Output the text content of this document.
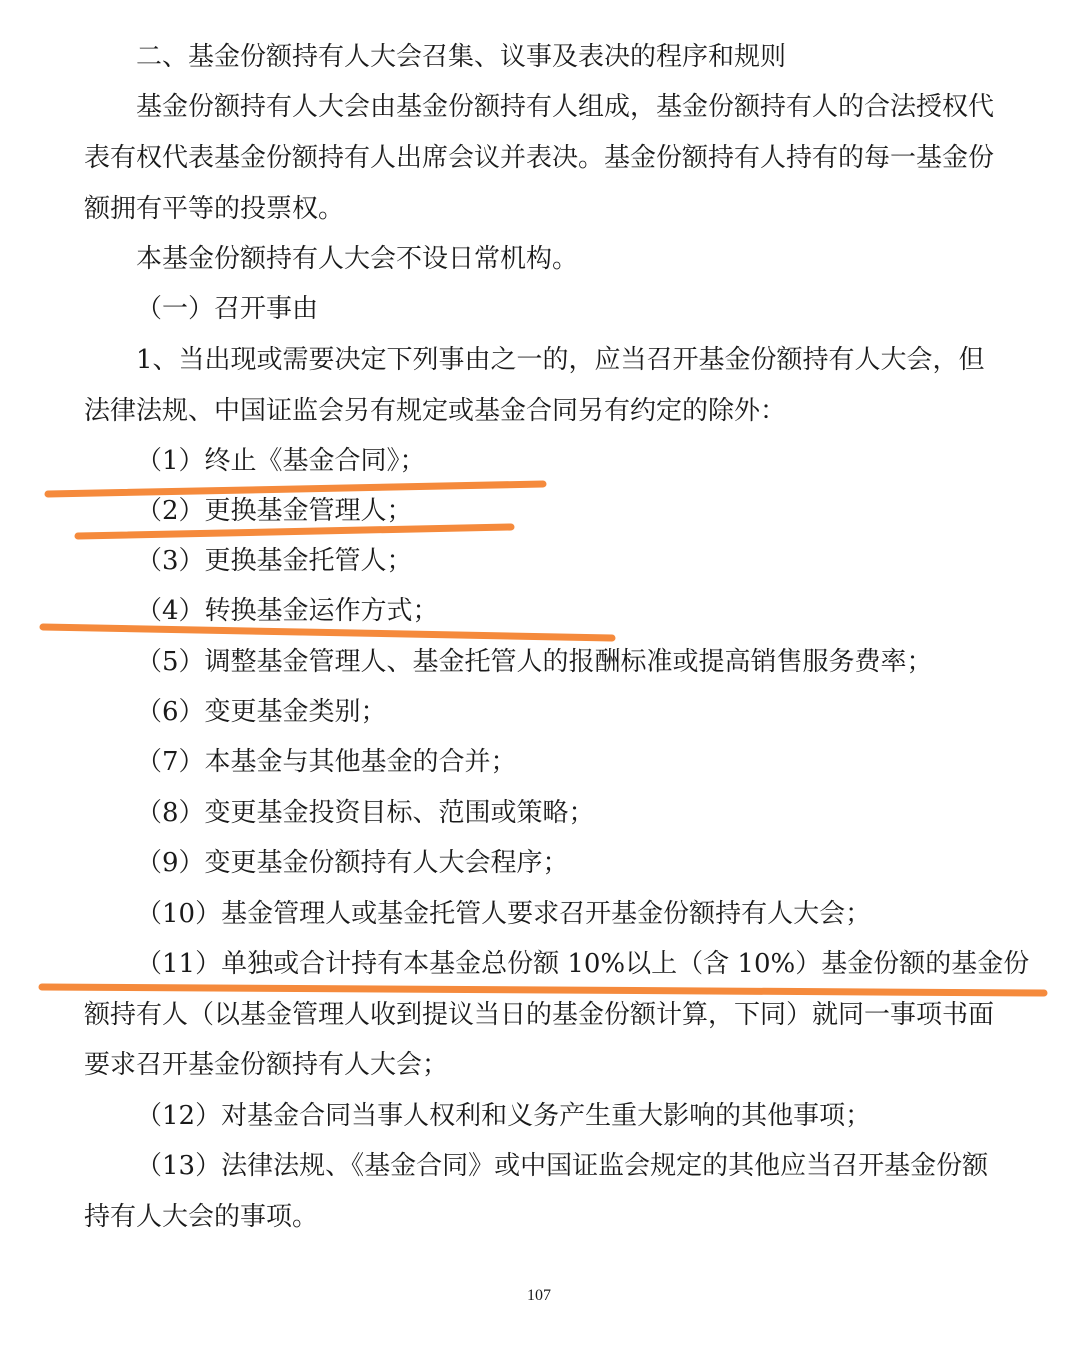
二、基金份额持有人大会召集、议事及表决的程序和规则

基金份额持有人大会由基金份额持有人组成，基金份额持有人的合法授权代

表有权代表基金份额持有人出席会议并表决。基金份额持有人持有的每一基金份

额拥有平等的投票权。

本基金份额持有人大会不设日常机构。

（一）召开事由

1、当出现或需要决定下列事由之一的，应当召开基金份额持有人大会，但

法律法规、中国证监会另有规定或基金合同另有约定的除外：

（1）终止《基金合同》；

（2）更换基金管理人；

（3）更换基金托管人；

（4）转换基金运作方式；

（5）调整基金管理人、基金托管人的报酬标准或提高销售服务费率；

（6）变更基金类别；

（7）本基金与其他基金的合并；

（8）变更基金投资目标、范围或策略；

（9）变更基金份额持有人大会程序；

（10）基金管理人或基金托管人要求召开基金份额持有人大会；

（11）单独或合计持有本基金总份额 10%以上（含 10%）基金份额的基金份

额持有人（以基金管理人收到提议当日的基金份额计算，下同）就同一事项书面

要求召开基金份额持有人大会；

（12）对基金合同当事人权利和义务产生重大影响的其他事项；

（13）法律法规、《基金合同》或中国证监会规定的其他应当召开基金份额

持有人大会的事项。

107
